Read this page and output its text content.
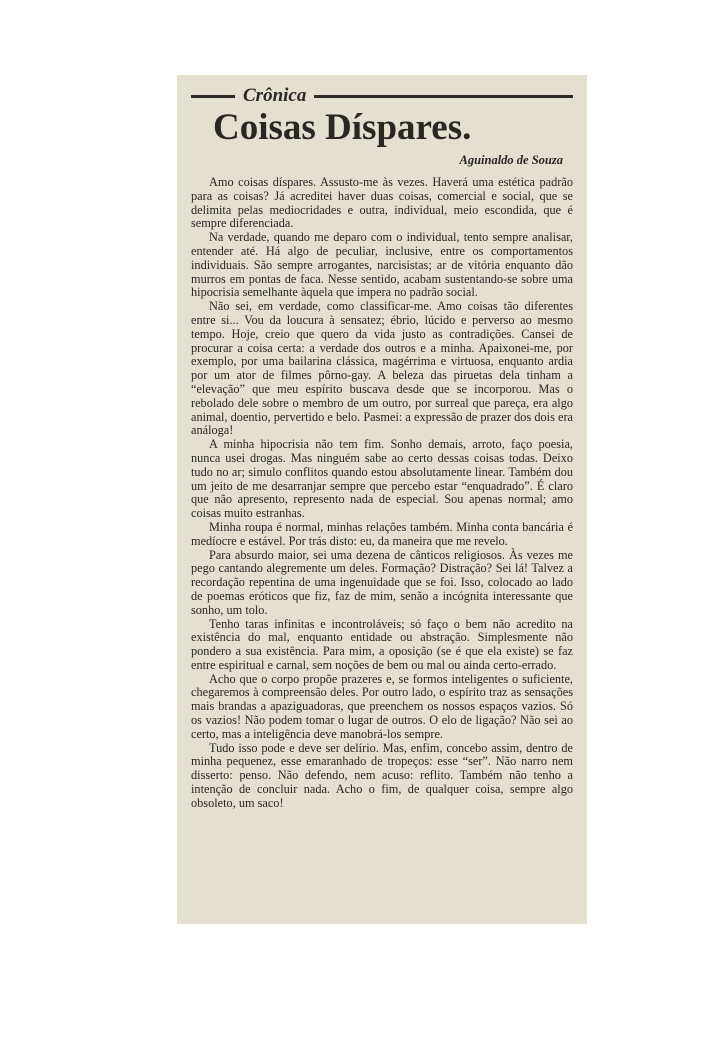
Crônica
Coisas Díspares.
Aguinaldo de Souza

Amo coisas díspares. Assusto-me às vezes. Haverá uma estética padrão para as coisas? Já acreditei haver duas coisas, comercial e social, que se delimita pelas mediocridades e outra, individual, meio escondida, que é sempre diferenciada.

Na verdade, quando me deparo com o individual, tento sempre analisar, entender até. Há algo de peculiar, inclusive, entre os comportamentos individuais. São sempre arrogantes, narcisistas; ar de vitória enquanto dão murros em pontas de faca. Nesse sentido, acabam sustentando-se sobre uma hipocrisia semelhante àquela que impera no padrão social.

Não sei, em verdade, como classificar-me. Amo coisas tão diferentes entre si... Vou da loucura à sensatez; ébrio, lúcido e perverso ao mesmo tempo. Hoje, creio que quero da vida justo as contradições. Cansei de procurar a coisa certa: a verdade dos outros e a minha. Apaixonei-me, por exemplo, por uma bailarina clássica, magérrima e virtuosa, enquanto ardia por um ator de filmes pôrno-gay. A beleza das piruetas dela tinham a “elevação” que meu espírito buscava desde que se incorporou. Mas o rebolado dele sobre o membro de um outro, por surreal que pareça, era algo animal, doentio, pervertido e belo. Pasmei: a expressão de prazer dos dois era análoga!

A minha hipocrisia não tem fim. Sonho demais, arroto, faço poesia, nunca usei drogas. Mas ninguém sabe ao certo dessas coisas todas. Deixo tudo no ar; simulo conflitos quando estou absolutamente linear. Também dou um jeito de me desarranjar sempre que percebo estar “enquadrado”. É claro que não apresento, represento nada de especial. Sou apenas normal; amo coisas muito estranhas.

Minha roupa é normal, minhas relações também. Minha conta bancária é medíocre e estável. Por trás disto: eu, da maneira que me revelo.

Para absurdo maior, sei uma dezena de cânticos religiosos. Às vezes me pego cantando alegremente um deles. Formação? Distração? Sei lá! Talvez a recordação repentina de uma ingenuidade que se foi. Isso, colocado ao lado de poemas eróticos que fiz, faz de mim, senão a incógnita interessante que sonho, um tolo.

Tenho taras infinitas e incontroláveis; só faço o bem não acredito na existência do mal, enquanto entidade ou abstração. Simplesmente não pondero a sua existência. Para mim, a oposição (se é que ela existe) se faz entre espiritual e carnal, sem noções de bem ou mal ou ainda certo-errado.

Acho que o corpo propõe prazeres e, se formos inteligentes o suficiente, chegaremos à compreensão deles. Por outro lado, o espírito traz as sensações mais brandas a apaziguadoras, que preenchem os nossos espaços vazios. Só os vazios! Não podem tomar o lugar de outros. O elo de ligação? Não sei ao certo, mas a inteligência deve manobrá-los sempre.

Tudo isso pode e deve ser delírio. Mas, enfim, concebo assim, dentro de minha pequenez, esse emaranhado de tropeços: esse “ser”. Não narro nem disserto: penso. Não defendo, nem acuso: reflito. Também não tenho a intenção de concluir nada. Acho o fim, de qualquer coisa, sempre algo obsoleto, um saco!
